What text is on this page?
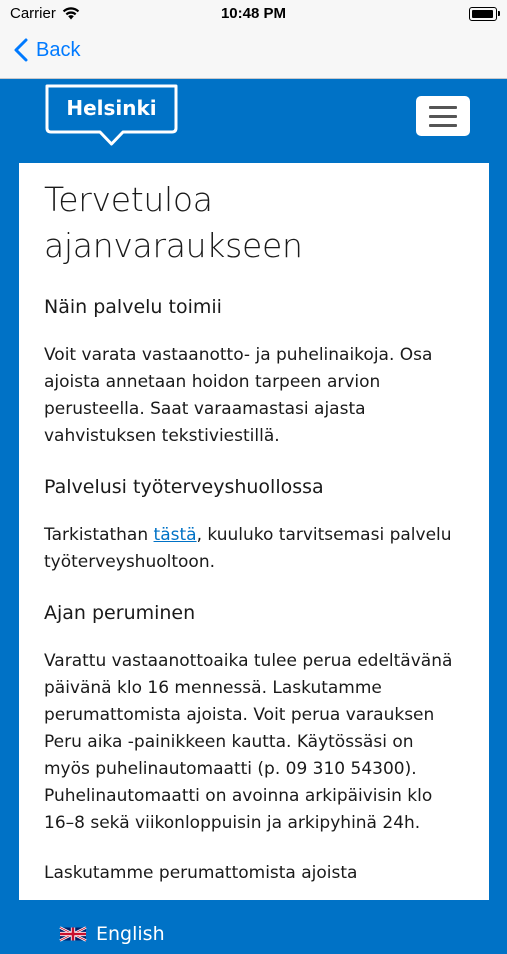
Carrier	10:48 PM
Back
Helsinki
Tervetuloa ajanvaraukseen
Näin palvelu toimii

Voit varata vastaanotto- ja puhelinaikoja. Osa ajoista annetaan hoidon tarpeen arvion perusteella. Saat varaamastasi ajasta vahvistuksen tekstiviestillä.

Palvelusi työterveyshuollossa

Tarkistathan tästä, kuuluko tarvitsemasi palvelu työterveyshuoltoon.

Ajan peruminen

Varattu vastaanottoaika tulee perua edeltävänä päivänä klo 16 mennessä. Laskutamme perumattomista ajoista. Voit perua varauksen Peru aika -painikkeen kautta. Käytössäsi on myös puhelinautomaatti (p. 09 310 54300). Puhelinautomaatti on avoinna arkipäivisin klo 16–8 sekä viikonloppuisin ja arkipyhinä 24h.

Laskutamme perumattomista ajoista

English
